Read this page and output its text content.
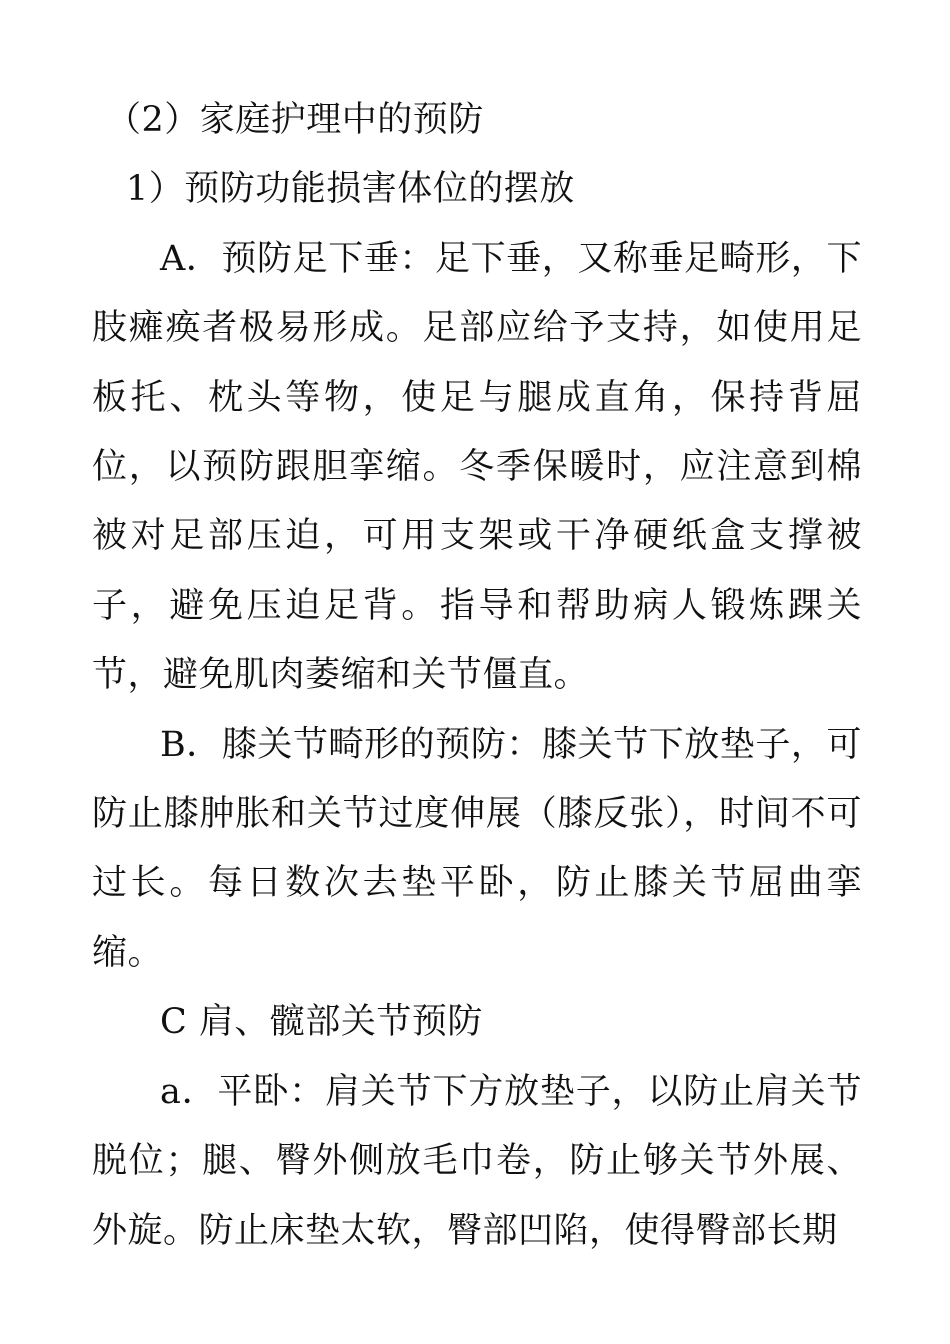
（2）家庭护理中的预防

1）预防功能损害体位的摆放

A．预防足下垂：足下垂，又称垂足畸形，下肢瘫痪者极易形成。足部应给予支持，如使用足板托、枕头等物，使足与腿成直角，保持背屈位，以预防跟胆挛缩。冬季保暖时，应注意到棉被对足部压迫，可用支架或干净硬纸盒支撑被子，避免压迫足背。指导和帮助病人锻炼踝关节，避免肌肉萎缩和关节僵直。

B．膝关节畸形的预防：膝关节下放垫子，可防止膝肿胀和关节过度伸展（膝反张），时间不可过长。每日数次去垫平卧，防止膝关节屈曲挛缩。

C 肩、髋部关节预防

a．平卧：肩关节下方放垫子，以防止肩关节脱位；腿、臀外侧放毛巾卷，防止够关节外展、外旋。防止床垫太软，臀部凹陷，使得臀部长期
